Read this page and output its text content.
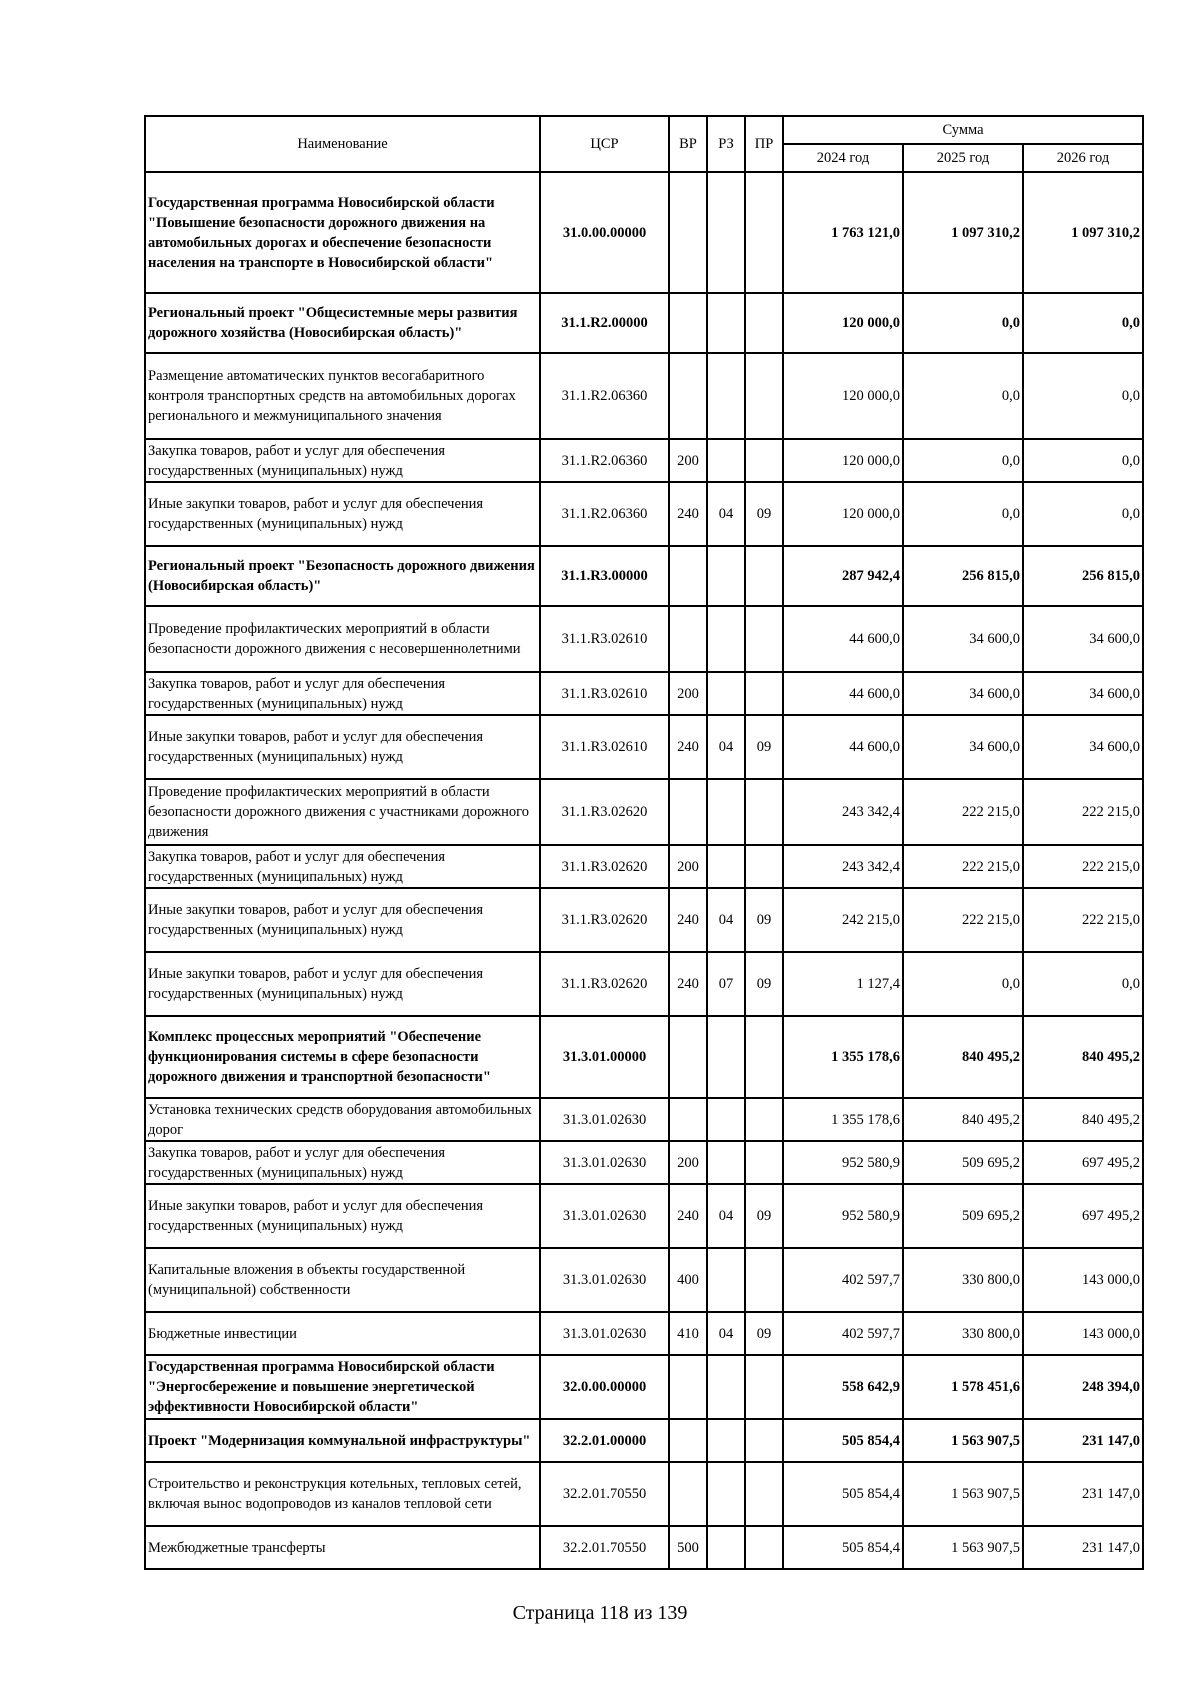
Наименование	ЦСР	ВР	РЗ	ПР	Сумма		
					2024 год	2025 год	2026 год
Государственная программа Новосибирской области "Повышение безопасности дорожного движения на автомобильных дорогах и обеспечение безопасности населения на транспорте в Новосибирской области"	31.0.00.00000				1 763 121,0	1 097 310,2	1 097 310,2
Региональный проект "Общесистемные меры развития дорожного хозяйства (Новосибирская область)"	31.1.R2.00000				120 000,0	0,0	0,0
Размещение автоматических пунктов весогабаритного контроля транспортных средств на автомобильных дорогах регионального и межмуниципального значения	31.1.R2.06360				120 000,0	0,0	0,0
Закупка товаров, работ и услуг для обеспечения государственных (муниципальных) нужд	31.1.R2.06360	200			120 000,0	0,0	0,0
Иные закупки товаров, работ и услуг для обеспечения государственных (муниципальных) нужд	31.1.R2.06360	240	04	09	120 000,0	0,0	0,0
Региональный проект "Безопасность дорожного движения (Новосибирская область)"	31.1.R3.00000				287 942,4	256 815,0	256 815,0
Проведение профилактических мероприятий в области безопасности дорожного движения с несовершеннолетними	31.1.R3.02610				44 600,0	34 600,0	34 600,0
Закупка товаров, работ и услуг для обеспечения государственных (муниципальных) нужд	31.1.R3.02610	200			44 600,0	34 600,0	34 600,0
Иные закупки товаров, работ и услуг для обеспечения государственных (муниципальных) нужд	31.1.R3.02610	240	04	09	44 600,0	34 600,0	34 600,0
Проведение профилактических мероприятий в области безопасности дорожного движения с участниками дорожного движения	31.1.R3.02620				243 342,4	222 215,0	222 215,0
Закупка товаров, работ и услуг для обеспечения государственных (муниципальных) нужд	31.1.R3.02620	200			243 342,4	222 215,0	222 215,0
Иные закупки товаров, работ и услуг для обеспечения государственных (муниципальных) нужд	31.1.R3.02620	240	04	09	242 215,0	222 215,0	222 215,0
Иные закупки товаров, работ и услуг для обеспечения государственных (муниципальных) нужд	31.1.R3.02620	240	07	09	1 127,4	0,0	0,0
Комплекс процессных мероприятий "Обеспечение функционирования системы в сфере безопасности дорожного движения и транспортной безопасности"	31.3.01.00000				1 355 178,6	840 495,2	840 495,2
Установка технических средств оборудования автомобильных дорог	31.3.01.02630				1 355 178,6	840 495,2	840 495,2
Закупка товаров, работ и услуг для обеспечения государственных (муниципальных) нужд	31.3.01.02630	200			952 580,9	509 695,2	697 495,2
Иные закупки товаров, работ и услуг для обеспечения государственных (муниципальных) нужд	31.3.01.02630	240	04	09	952 580,9	509 695,2	697 495,2
Капитальные вложения в объекты государственной (муниципальной) собственности	31.3.01.02630	400			402 597,7	330 800,0	143 000,0
Бюджетные инвестиции	31.3.01.02630	410	04	09	402 597,7	330 800,0	143 000,0
Государственная программа Новосибирской области "Энергосбережение и повышение энергетической эффективности Новосибирской области"	32.0.00.00000				558 642,9	1 578 451,6	248 394,0
Проект "Модернизация коммунальной инфраструктуры"	32.2.01.00000				505 854,4	1 563 907,5	231 147,0
Строительство и реконструкция котельных, тепловых сетей, включая вынос водопроводов из каналов тепловой сети	32.2.01.70550				505 854,4	1 563 907,5	231 147,0
Межбюджетные трансферты	32.2.01.70550	500			505 854,4	1 563 907,5	231 147,0
Страница 118 из 139
